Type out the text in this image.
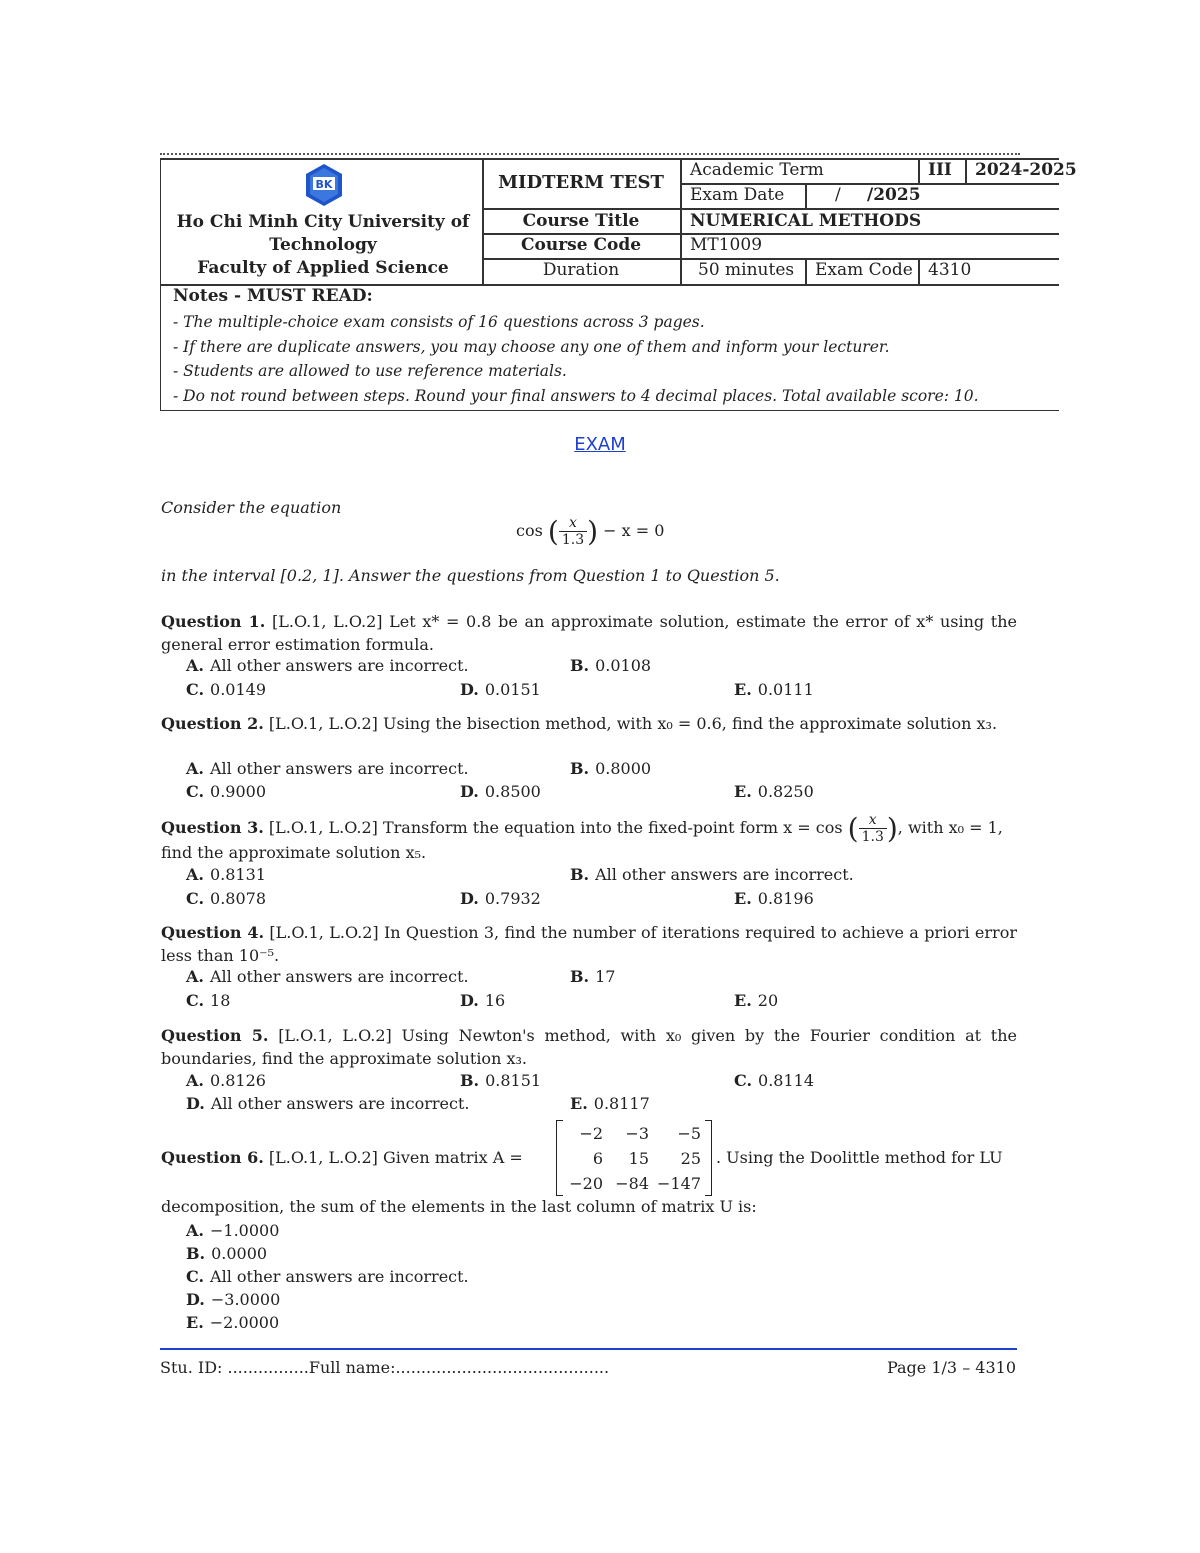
BK
Ho Chi Minh City University of
Technology
Faculty of Applied Science
MIDTERM TEST
Academic Term	III 2024-2025
Exam Date	/ /2025
Course Title	NUMERICAL METHODS
Course Code	MT1009
Duration	50 minutes Exam Code 4310
Notes - MUST READ:
- The multiple-choice exam consists of 16 questions across 3 pages.
- If there are duplicate answers, you may choose any one of them and inform your lecturer.
- Students are allowed to use reference materials.
- Do not round between steps. Round your final answers to 4 decimal places. Total available score: 10.
EXAM
Consider the equation
cos ( $\frac{x}{1.3}$ ) − x = 0
in the interval [0.2, 1]. Answer the questions from Question 1 to Question 5.
Question 1. [L.O.1, L.O.2] Let x* = 0.8 be an approximate solution, estimate the error of x* using the general error estimation formula.
A. All other answers are incorrect.	B. 0.0108
C. 0.0149	D. 0.0151	E. 0.0111
Question 2. [L.O.1, L.O.2] Using the bisection method, with x₀ = 0.6, find the approximate solution x₃.
A. All other answers are incorrect.	B. 0.8000
C. 0.9000	D. 0.8500	E. 0.8250
Question 3. [L.O.1, L.O.2] Transform the equation into the fixed-point form x = cos ( $\frac{x}{1.3}$ ), with x₀ = 1,
find the approximate solution x₅.
A. 0.8131	B. All other answers are incorrect.
C. 0.8078	D. 0.7932	E. 0.8196
Question 4. [L.O.1, L.O.2] In Question 3, find the number of iterations required to achieve a priori error less than 10⁻⁵.
A. All other answers are incorrect.	B. 17
C. 18	D. 16	E. 20
Question 5. [L.O.1, L.O.2] Using Newton's method, with x₀ given by the Fourier condition at the boundaries, find the approximate solution x₃.
A. 0.8126	B. 0.8151	C. 0.8114
D. All other answers are incorrect.	E. 0.8117
Question 6. [L.O.1, L.O.2] Given matrix A =
−2	−3	−5
6	15	25
−20 −84 −147
. Using the Doolittle method for LU
decomposition, the sum of the elements in the last column of matrix U is:
A. −1.0000
B. 0.0000
C. All other answers are incorrect.
D. −3.0000
E. −2.0000
Stu. ID: ................Full name:..........................................	Page 1/3 – 4310
